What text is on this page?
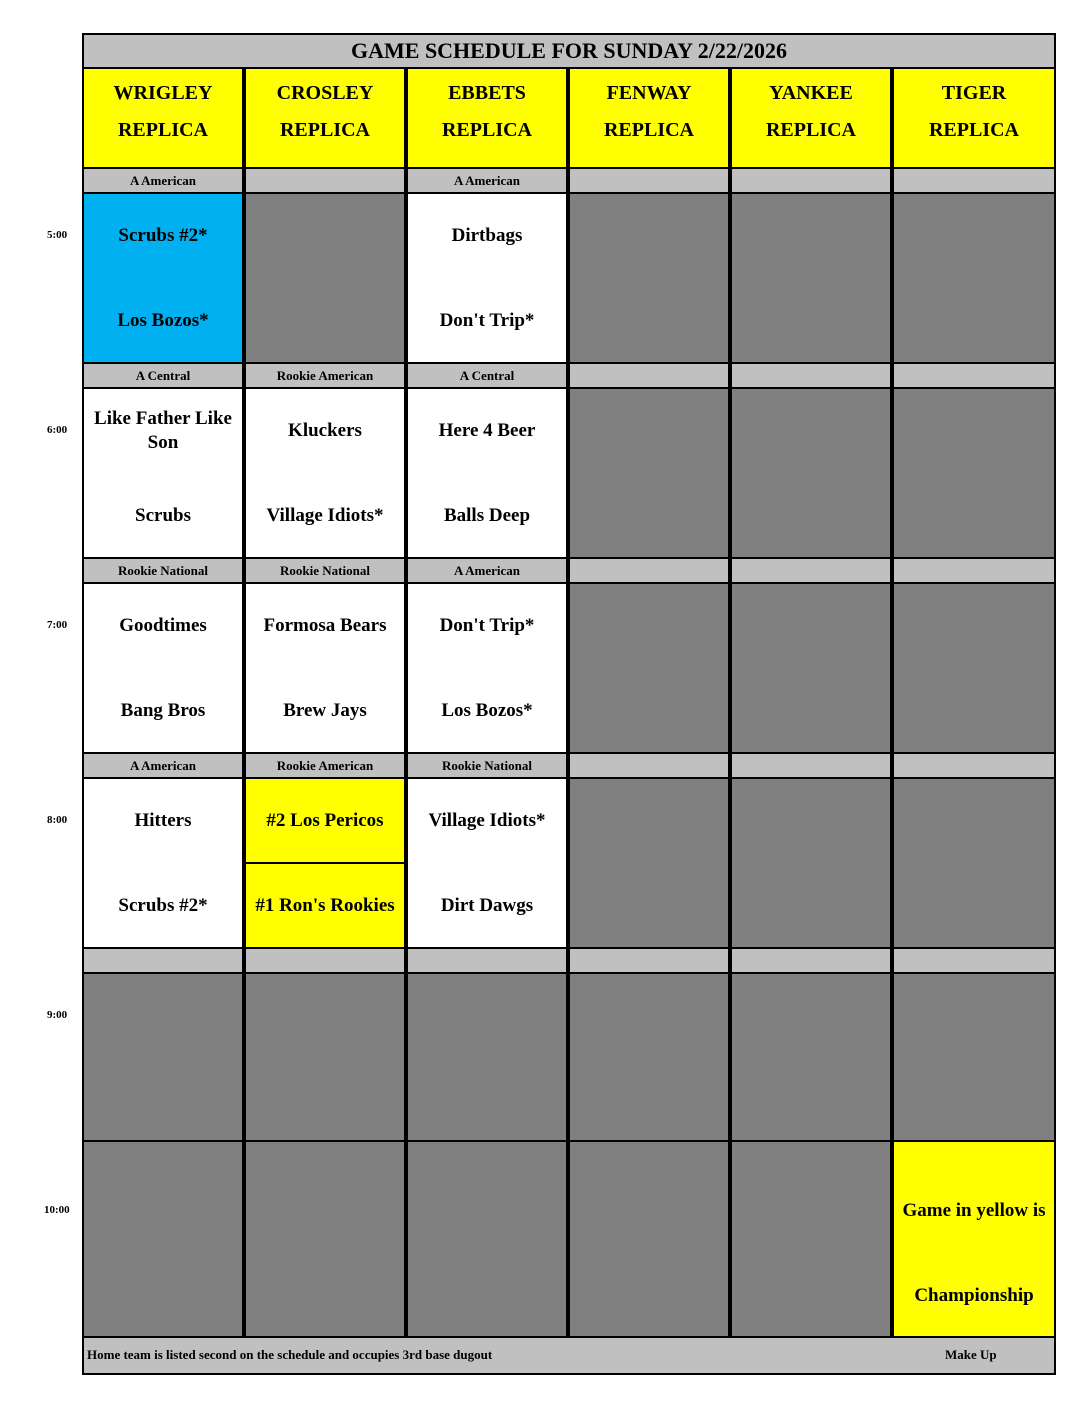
GAME SCHEDULE FOR SUNDAY 2/22/2026
WRIGLEY
REPLICA
CROSLEY
REPLICA
EBBETS
REPLICA
FENWAY
REPLICA
YANKEE
REPLICA
TIGER
REPLICA
A American
Scrubs #2*
Los Bozos*
A American
Dirtbags
Don't Trip*
A Central
Like Father Like Son
Scrubs
Rookie American
Kluckers
Village Idiots*
A Central
Here 4 Beer
Balls Deep
Rookie National
Goodtimes
Bang Bros
Rookie National
Formosa Bears
Brew Jays
A American
Don't Trip*
Los Bozos*
A American
Hitters
Scrubs #2*
Rookie American
#2 Los Pericos
#1 Ron's Rookies
Rookie National
Village Idiots*
Dirt Dawgs
Game in yellow is
Championship
Home team is listed second on the schedule and occupies 3rd base dugout	Make Up
5:00
6:00
7:00
8:00
9:00
10:00
